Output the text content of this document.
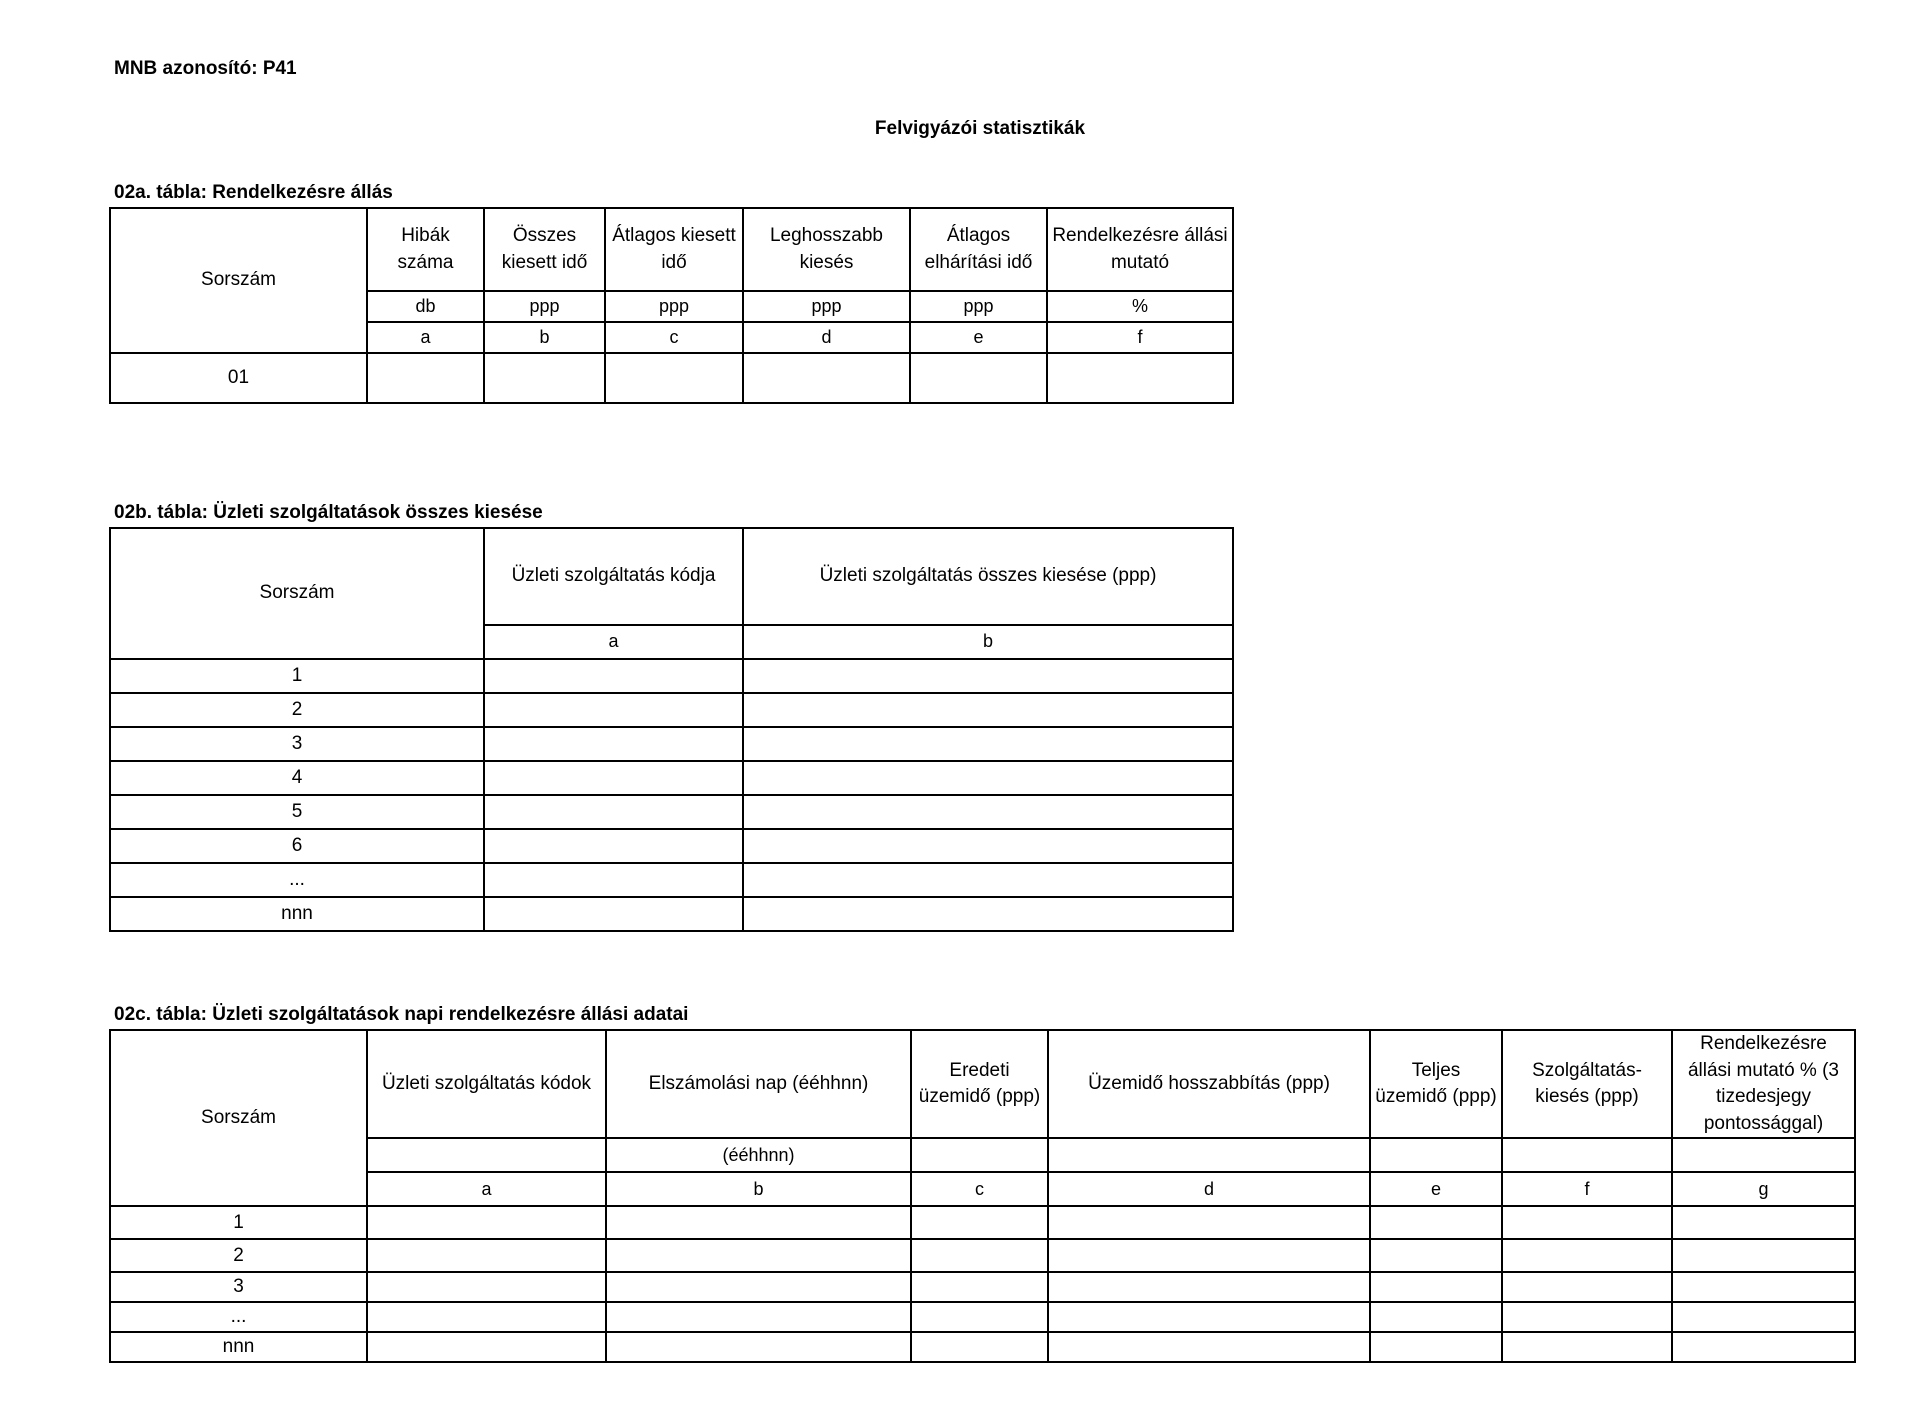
MNB azonosító: P41
Felvigyázói statisztikák
02a. tábla: Rendelkezésre állás
Sorszám	Hibák száma	Összes kiesett idő	Átlagos kiesett idő	Leghosszabb kiesés	Átlagos elhárítási idő	Rendelkezésre állási mutató
	db	ppp	ppp	ppp	ppp	%
	a	b	c	d	e	f
01						
02b. tábla: Üzleti szolgáltatások összes kiesése
Sorszám	Üzleti szolgáltatás kódja	Üzleti szolgáltatás összes kiesése (ppp)
	a	b
1		
2		
3		
4		
5		
6		
...		
nnn		
02c. tábla: Üzleti szolgáltatások napi rendelkezésre állási adatai
Sorszám	Üzleti szolgáltatás kódok	Elszámolási nap (ééhhnn)	Eredeti üzemidő (ppp)	Üzemidő hosszabbítás (ppp)	Teljes üzemidő (ppp)	Szolgáltatás-kiesés (ppp)	Rendelkezésre állási mutató % (3 tizedesjegy pontossággal)
		(ééhhnn)					
	a	b	c	d	e	f	g
1							
2							
3							
...							
nnn							
